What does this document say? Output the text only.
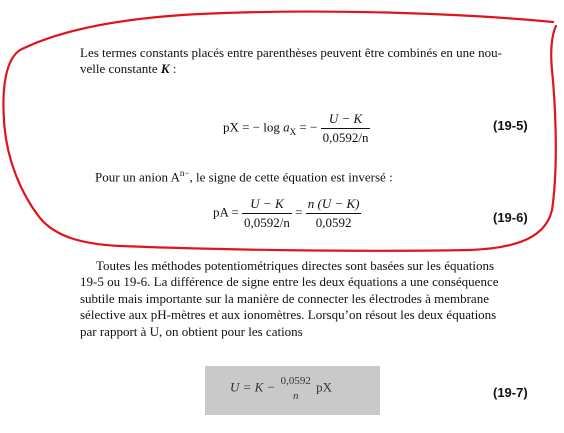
Les termes constants placés entre parenthèses peuvent être combinés en une nou-
velle constante K :
pX = − $\log a_X$ = − $\frac{U - K}{0,0592/n}$	(19-5)
Pour un anion $A^{n-}$, le signe de cette équation est inversé :
pA = $\frac{U - K}{0,0592/n} = \frac{n (U - K)}{0,0592}$	(19-6)
Toutes les méthodes potentiométriques directes sont basées sur les équations
19-5 ou 19-6. La différence de signe entre les deux équations a une conséquence
subtile mais importante sur la manière de connecter les électrodes à membrane
sélective aux pH-mètres et aux ionomètres. Lorsqu’on résout les deux équations
par rapport à U, on obtient pour les cations
U = K − 0,0592
n
pX	(19-7)
